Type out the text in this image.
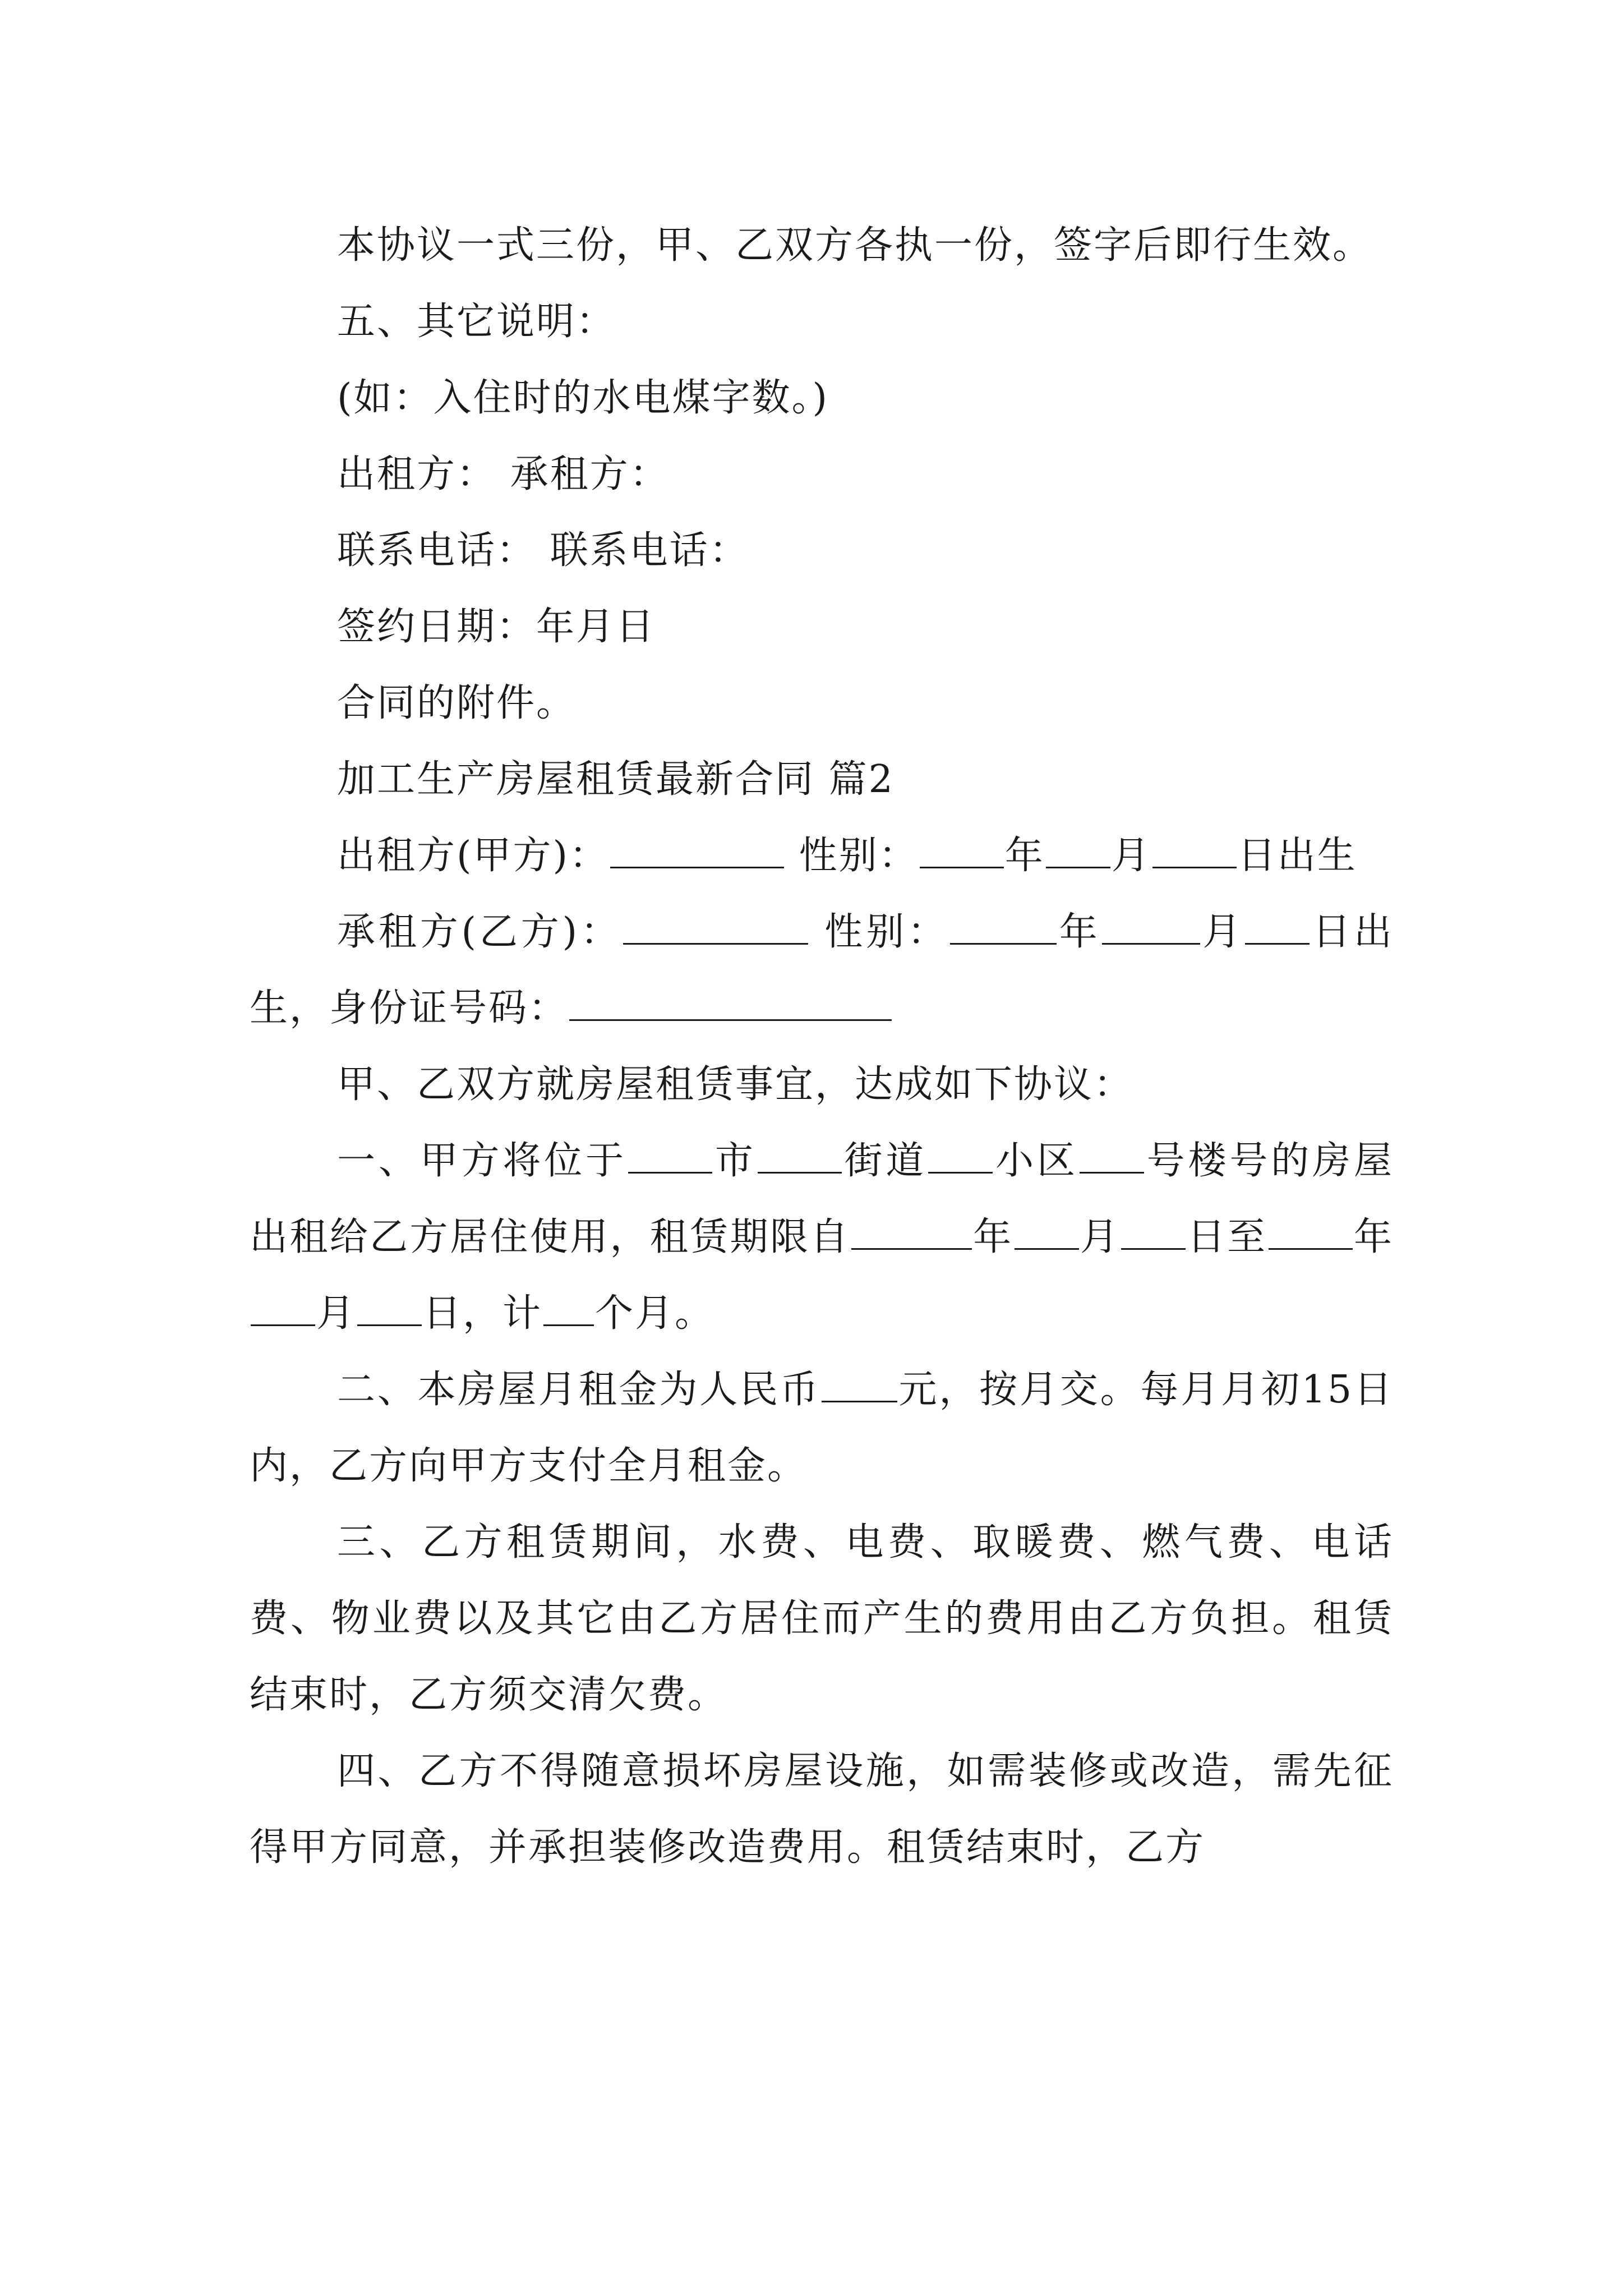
本协议一式三份，甲、乙双方各执一份，签字后即行生效。

五、其它说明：

(如：入住时的水电煤字数。)

出租方： 承租方：

联系电话： 联系电话：

签约日期：年月日

合同的附件。

加工生产房屋租赁最新合同 篇2

出租方(甲方)：	性别： 年 月 日出生

承租方(乙方)：	性别：	年	月 日出生，身份证号码：

甲、乙双方就房屋租赁事宜，达成如下协议：

一、甲方将位于 市 街道 小区 号楼号的房屋出租给乙方居住使用，租赁期限自	年 月 日至 年月 日，计 个月。

二、本房屋月租金为人民币 元，按月交。每月月初15日内，乙方向甲方支付全月租金。

三、乙方租赁期间，水费、电费、取暖费、燃气费、电话费、物业费以及其它由乙方居住而产生的费用由乙方负担。租赁结束时，乙方须交清欠费。

四、乙方不得随意损坏房屋设施，如需装修或改造，需先征得甲方同意，并承担装修改造费用。租赁结束时，乙方
